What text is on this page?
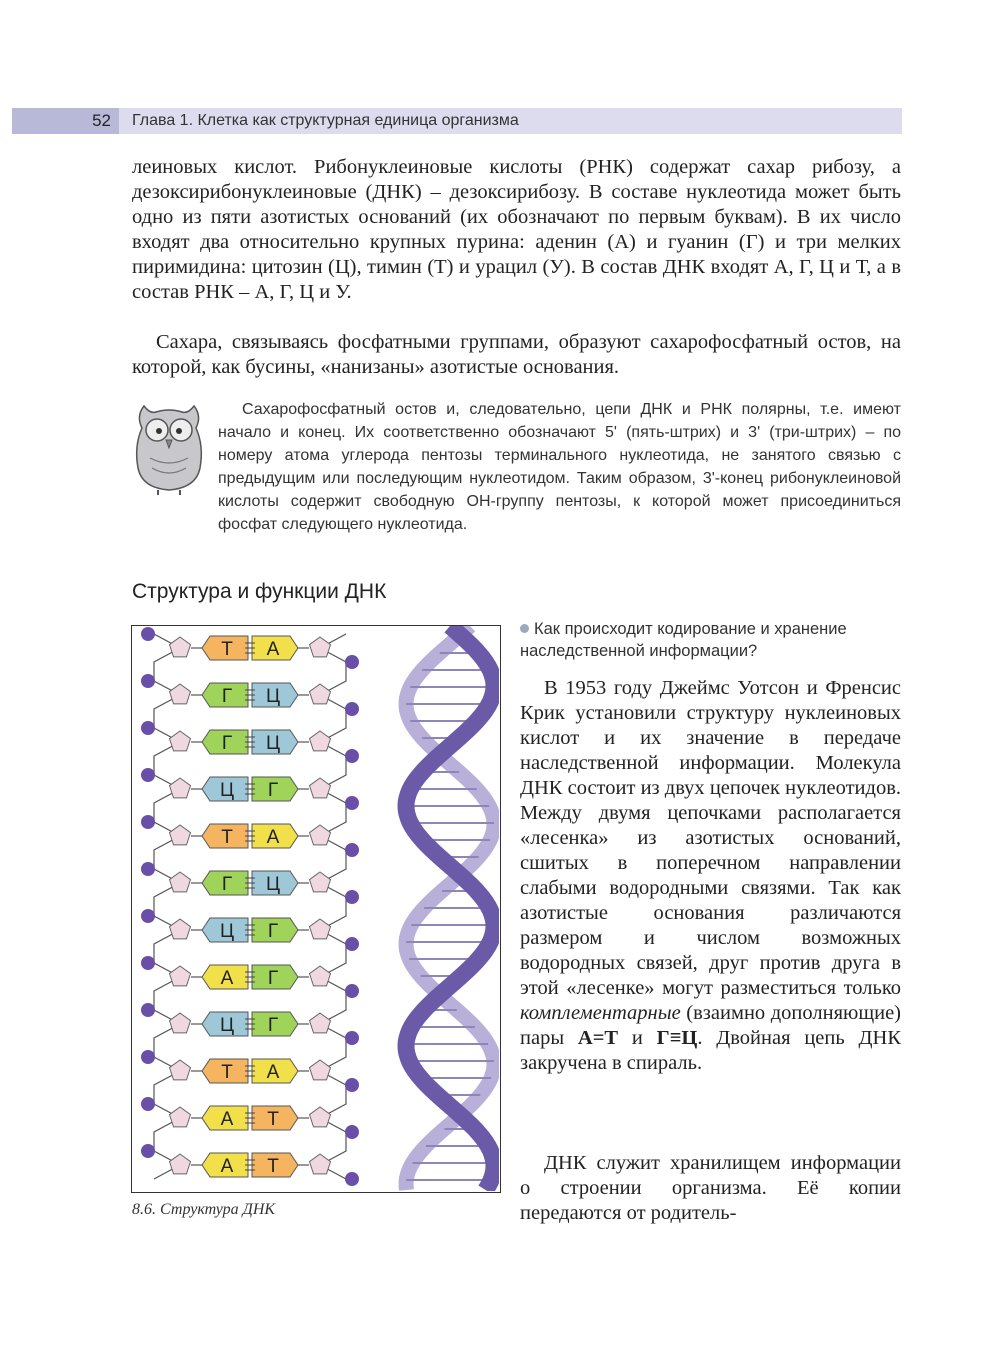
52	Глава 1. Клетка как структурная единица организма

леиновых кислот. Рибонуклеиновые кислоты (РНК) содержат сахар рибозу, а дезоксирибонуклеиновые (ДНК) – дезоксирибозу. В составе нуклеотида может быть одно из пяти азотистых оснований (их обозначают по первым буквам). В их число входят два относительно крупных пурина: аденин (А) и гуанин (Г) и три мелких пиримидина: цитозин (Ц), тимин (Т) и урацил (У). В состав ДНК входят А, Г, Ц и Т, а в состав РНК – А, Г, Ц и У.

Сахара, связываясь фосфатными группами, образуют сахарофосфатный остов, на которой, как бусины, «нанизаны» азотистые основания.

Сахарофосфатный остов и, следовательно, цепи ДНК и РНК полярны, т.е. имеют начало и конец. Их соответственно обозначают 5' (пять-штрих) и 3' (три-штрих) – по номеру атома углерода пентозы терминального нуклеотида, не занятого связью с предыдущим или последующим нуклеотидом. Таким образом, 3'-конец рибонуклеиновой кислоты содержит свободную ОН-группу пентозы, к которой может присоединиться фосфат следующего нуклеотида.

Структура и функции ДНК
Т А
Г Ц
Г Ц
Ц Г
Т А
Г Ц
Ц Г
А Г
Ц Г
Т А
А Т
А Т
8.6. Структура ДНК

Как происходит кодирование и хранение наследственной информации?

В 1953 году Джеймс Уотсон и Френсис Крик установили структуру нуклеиновых кислот и их значение в передаче наследственной информации. Молекула ДНК состоит из двух цепочек нуклеотидов. Между двумя цепочками располагается «лесенка» из азотистых оснований, сшитых в поперечном направлении слабыми водородными связями. Так как азотистые основания различаются размером и числом возможных водородных связей, друг против друга в этой «лесенке» могут разместиться только комплементарные (взаимно дополняющие) пары А=Т и Г≡Ц. Двойная цепь ДНК закручена в спираль.

ДНК служит хранилищем информации о строении организма. Её копии передаются от родитель-
